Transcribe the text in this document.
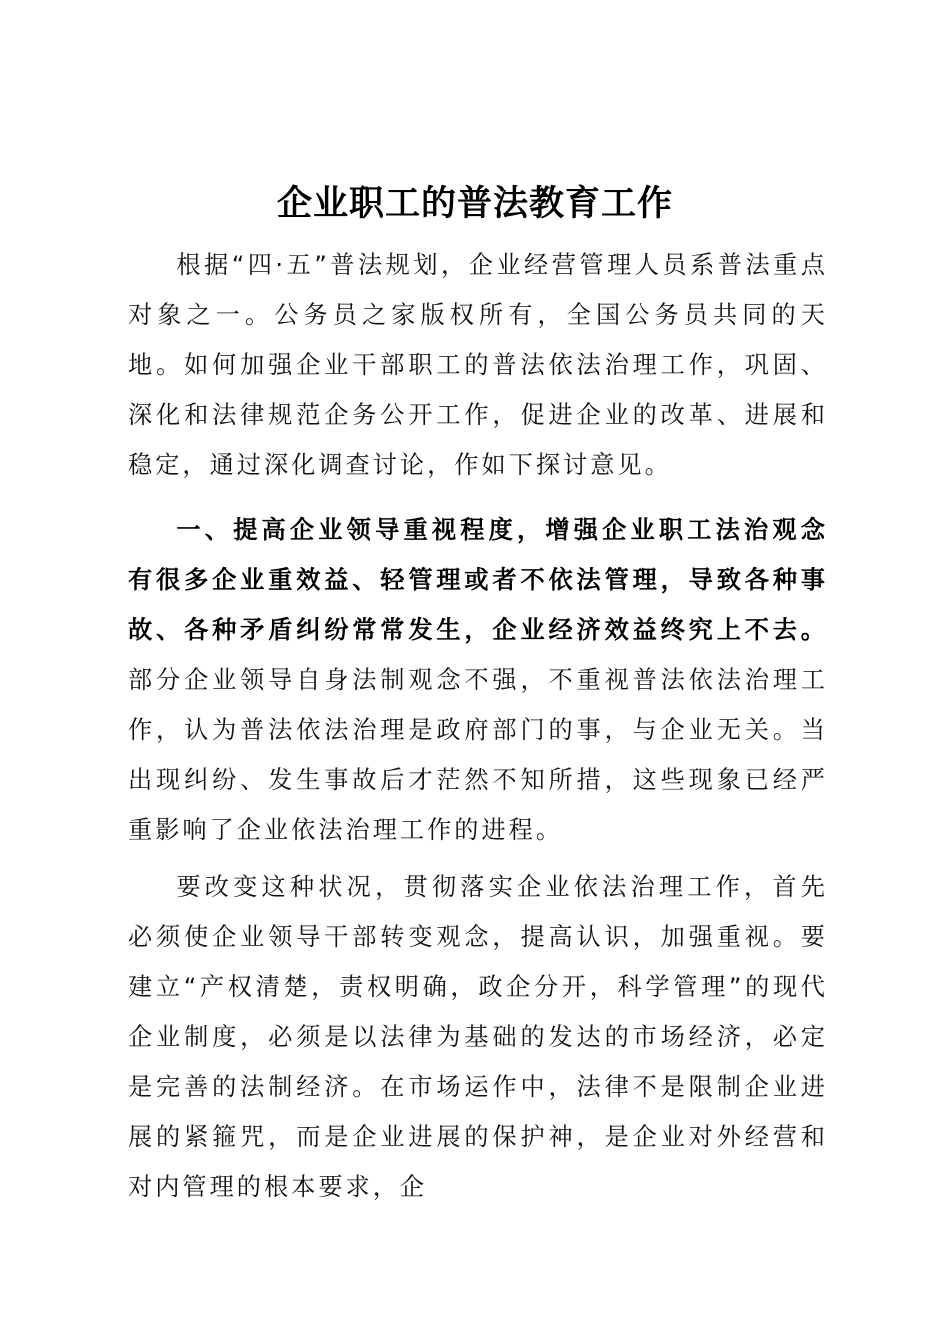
企业职工的普法教育工作

根据“四·五”普法规划，企业经营管理人员系普法重点对象之一。公务员之家版权所有，全国公务员共同的天地。如何加强企业干部职工的普法依法治理工作，巩固、深化和法律规范企务公开工作，促进企业的改革、进展和稳定，通过深化调查讨论，作如下探讨意见。

一、提高企业领导重视程度，增强企业职工法治观念有很多企业重效益、轻管理或者不依法管理，导致各种事故、各种矛盾纠纷常常发生，企业经济效益终究上不去。部分企业领导自身法制观念不强，不重视普法依法治理工作，认为普法依法治理是政府部门的事，与企业无关。当出现纠纷、发生事故后才茫然不知所措，这些现象已经严重影响了企业依法治理工作的进程。

要改变这种状况，贯彻落实企业依法治理工作，首先必须使企业领导干部转变观念，提高认识，加强重视。要建立“产权清楚，责权明确，政企分开，科学管理”的现代企业制度，必须是以法律为基础的发达的市场经济，必定是完善的法制经济。在市场运作中，法律不是限制企业进展的紧箍咒，而是企业进展的保护神，是企业对外经营和对内管理的根本要求，企
